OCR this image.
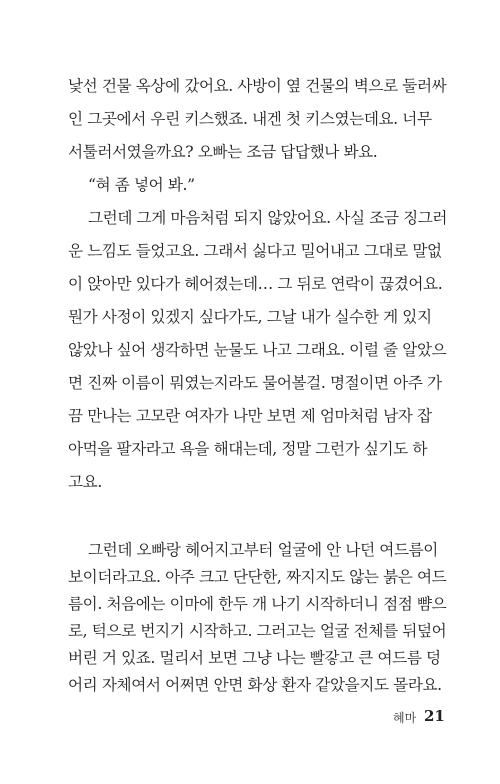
낯선 건물 옥상에 갔어요. 사방이 옆 건물의 벽으로 둘러싸
인 그곳에서 우린 키스했죠. 내겐 첫 키스였는데요. 너무
서툴러서였을까요? 오빠는 조금 답답했나 봐요.
“혀 좀 넣어 봐.”
그런데 그게 마음처럼 되지 않았어요. 사실 조금 징그러
운 느낌도 들었고요. 그래서 싫다고 밀어내고 그대로 말없
이 앉아만 있다가 헤어졌는데… 그 뒤로 연락이 끊겼어요.
뭔가 사정이 있겠지 싶다가도, 그날 내가 실수한 게 있지
않았나 싶어 생각하면 눈물도 나고 그래요. 이럴 줄 알았으
면 진짜 이름이 뭐였는지라도 물어볼걸. 명절이면 아주 가
끔 만나는 고모란 여자가 나만 보면 제 엄마처럼 남자 잡
아먹을 팔자라고 욕을 해대는데, 정말 그런가 싶기도 하
고요.
그런데 오빠랑 헤어지고부터 얼굴에 안 나던 여드름이
보이더라고요. 아주 크고 단단한, 짜지지도 않는 붉은 여드
름이. 처음에는 이마에 한두 개 나기 시작하더니 점점 뺨으
로, 턱으로 번지기 시작하고. 그러고는 얼굴 전체를 뒤덮어
버린 거 있죠. 멀리서 보면 그냥 나는 빨갛고 큰 여드름 덩
어리 자체여서 어쩌면 안면 화상 환자 같았을지도 몰라요.
혜마 21
